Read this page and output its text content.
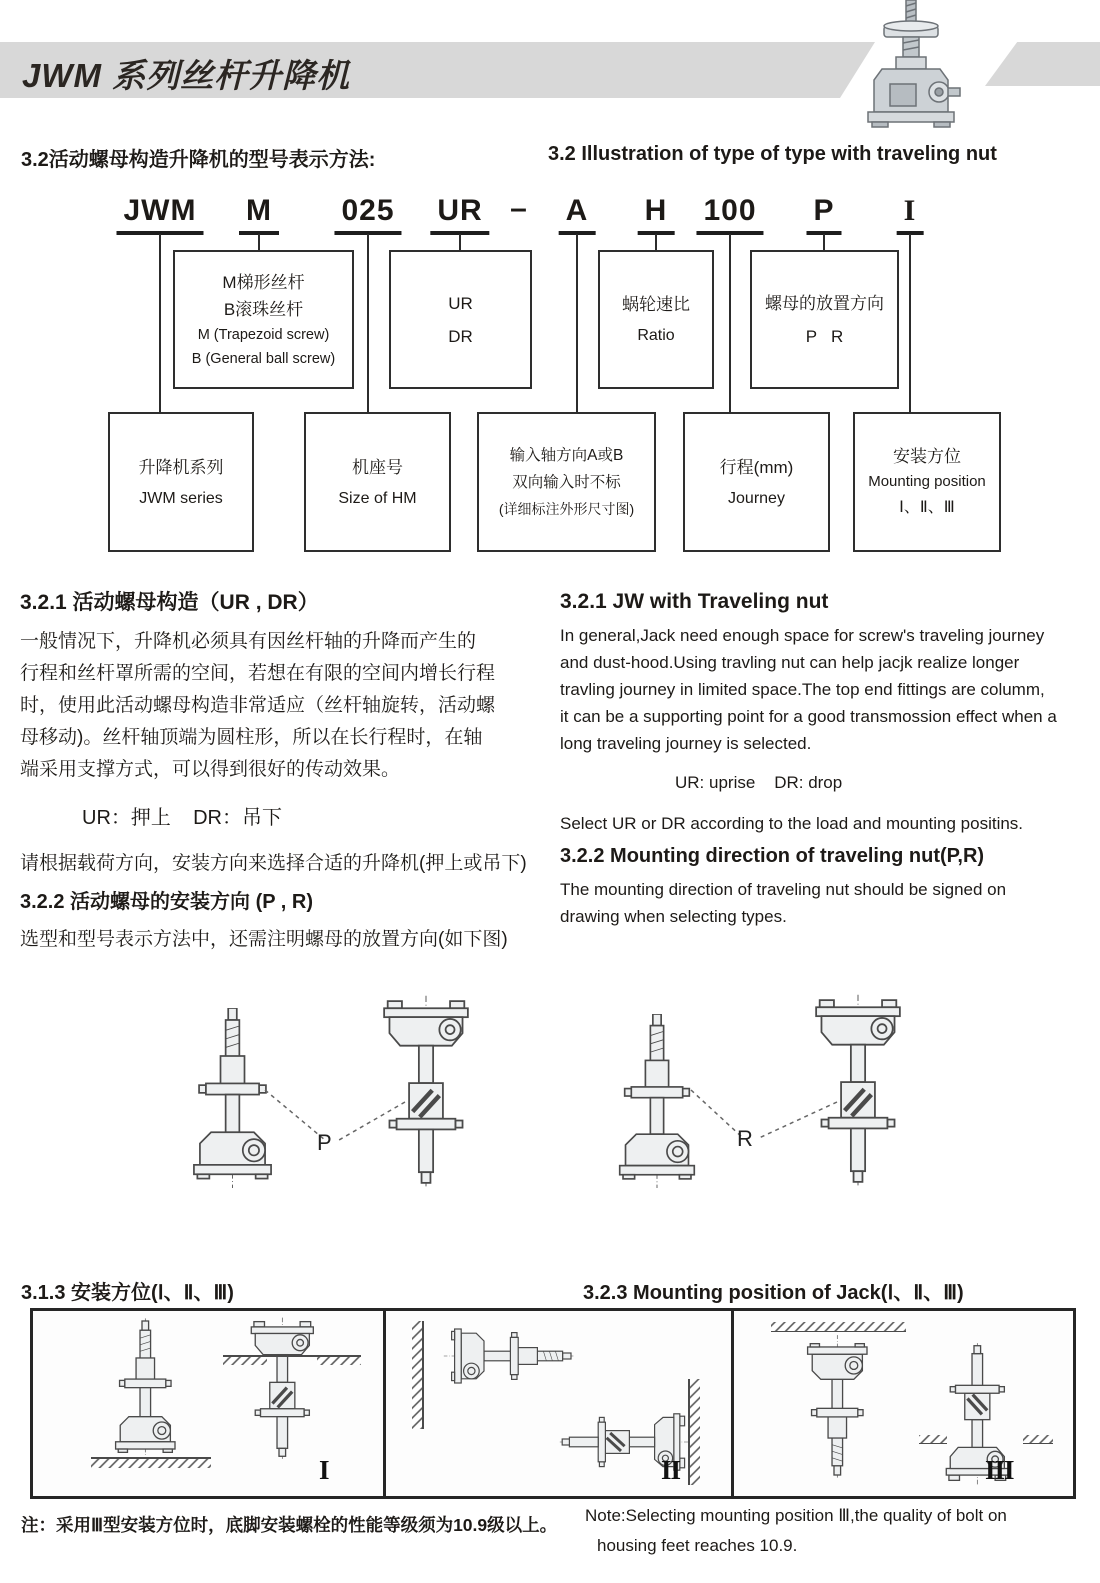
JWM 系列丝杆升降机
3.2活动螺母构造升降机的型号表示方法:	3.2 Illustration of type of type with traveling nut
JWM M 025 UR – A H 100 P I
M梯形丝杆
B滚珠丝杆
M (Trapezoid screw)
B (General ball screw)
UR
DR
蜗轮速比
Ratio
螺母的放置方向
P   R
升降机系列
JWM series
机座号
Size of HM
输入轴方向A或B
双向输入时不标
(详细标注外形尺寸图)
行程(mm)
Journey
安装方位
Mounting position
Ⅰ、Ⅱ、Ⅲ
3.2.1 活动螺母构造（UR , DR）
一般情况下，升降机必须具有因丝杆轴的升降而产生的
行程和丝杆罩所需的空间，若想在有限的空间内增长行程
时，使用此活动螺母构造非常适应（丝杆轴旋转，活动螺
母移动)。丝杆轴顶端为圆柱形，所以在长行程时，在轴
端采用支撑方式，可以得到很好的传动效果。
UR：押上    DR：吊下
请根据载荷方向，安装方向来选择合适的升降机(押上或吊下)
3.2.1 JW with Traveling nut
In general,Jack need enough space for screw's traveling journey
and dust-hood.Using travling nut can help jacjk realize longer
travling journey in limited space.The top end fittings are columm,
it can be a supporting point for a good transmossion effect when a
long traveling journey is selected.
UR: uprise    DR: drop
Select UR or DR according to the load and mounting positins.
3.2.2 Mounting direction of traveling nut(P,R)
The mounting direction of traveling nut should be signed on
drawing when selecting types.
3.2.2 活动螺母的安装方向 (P , R)
选型和型号表示方法中，还需注明螺母的放置方向(如下图)
P	R
3.1.3 安装方位(Ⅰ、Ⅱ、Ⅲ)	3.2.3 Mounting position of Jack(Ⅰ、Ⅱ、Ⅲ)
I	II	III
注：采用Ⅲ型安装方位时，底脚安装螺栓的性能等级须为10.9级以上。 Note:Selecting mounting position Ⅲ,the quality of bolt on
housing feet reaches 10.9.
